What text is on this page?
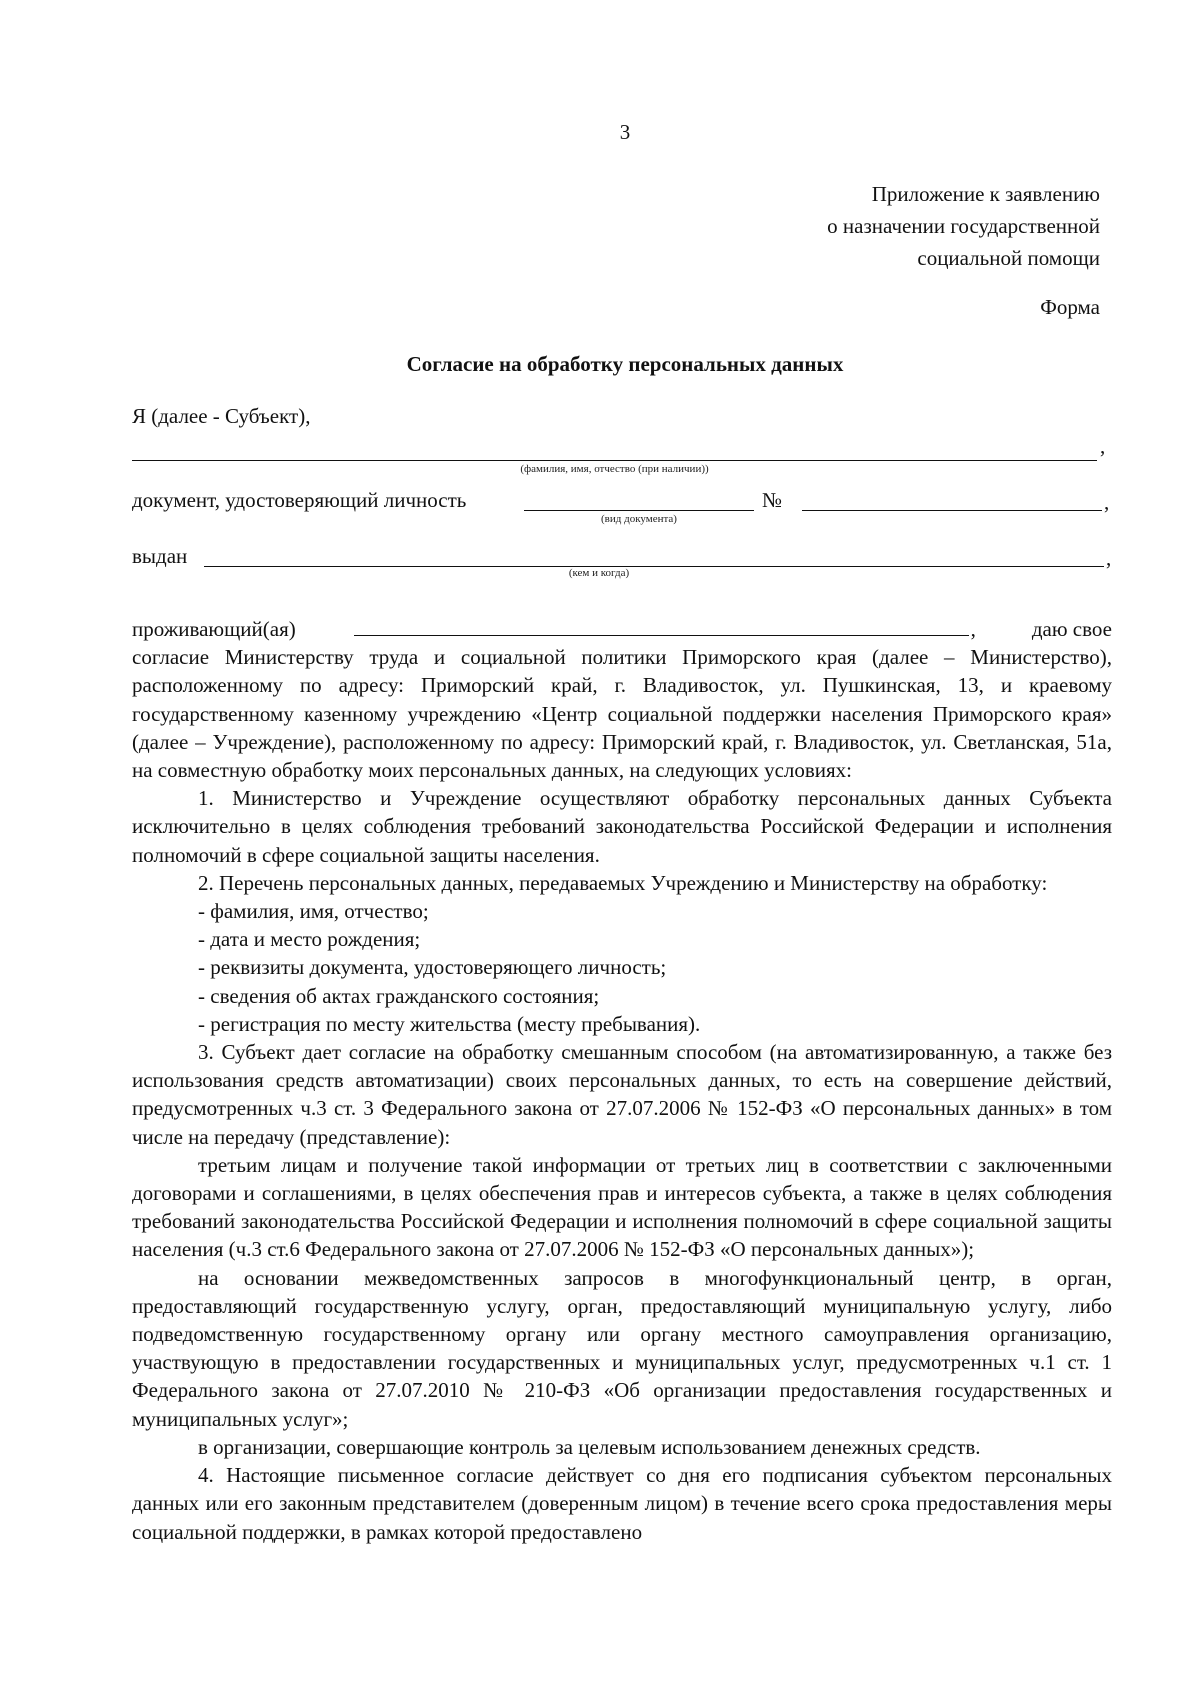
3
Приложение к заявлению
о назначении государственной
социальной помощи
Форма
Согласие на обработку персональных данных
Я (далее - Субъект),
,
(фамилия, имя, отчество (при наличии))
документ, удостоверяющий личность	№	,
(вид документа)
выдан	,
(кем и когда)
проживающий(ая)	,	даю свое

согласие Министерству труда и социальной политики Приморского края (далее – Министерство), расположенному по адресу: Приморский край, г. Владивосток, ул. Пушкинская, 13, и краевому государственному казенному учреждению «Центр социальной поддержки населения Приморского края» (далее – Учреждение), расположенному по адресу: Приморский край, г. Владивосток, ул. Светланская, 51а, на совместную обработку моих персональных данных, на следующих условиях:

1. Министерство и Учреждение осуществляют обработку персональных данных Субъекта исключительно в целях соблюдения требований законодательства Российской Федерации и исполнения полномочий в сфере социальной защиты населения.

2. Перечень персональных данных, передаваемых Учреждению и Министерству на обработку:

- фамилия, имя, отчество;

- дата и место рождения;

- реквизиты документа, удостоверяющего личность;

- сведения об актах гражданского состояния;

- регистрация по месту жительства (месту пребывания).

3. Субъект дает согласие на обработку смешанным способом (на автоматизированную, а также без использования средств автоматизации) своих персональных данных, то есть на совершение действий, предусмотренных ч.3 ст. 3 Федерального закона от 27.07.2006 № 152-ФЗ «О персональных данных» в том числе на передачу (представление):

третьим лицам и получение такой информации от третьих лиц в соответствии с заключенными договорами и соглашениями, в целях обеспечения прав и интересов субъекта, а также в целях соблюдения требований законодательства Российской Федерации и исполнения полномочий в сфере социальной защиты населения (ч.3 ст.6 Федерального закона от 27.07.2006 № 152-ФЗ «О персональных данных»);

на основании межведомственных запросов в многофункциональный центр, в орган, предоставляющий государственную услугу, орган, предоставляющий муниципальную услугу, либо подведомственную государственному органу или органу местного самоуправления организацию, участвующую в предоставлении государственных и муниципальных услуг, предусмотренных ч.1 ст. 1 Федерального закона от 27.07.2010 № 210-ФЗ «Об организации предоставления государственных и муниципальных услуг»;

в организации, совершающие контроль за целевым использованием денежных средств.

4. Настоящие письменное согласие действует со дня его подписания субъектом персональных данных или его законным представителем (доверенным лицом) в течение всего срока предоставления меры социальной поддержки, в рамках которой предоставлено
